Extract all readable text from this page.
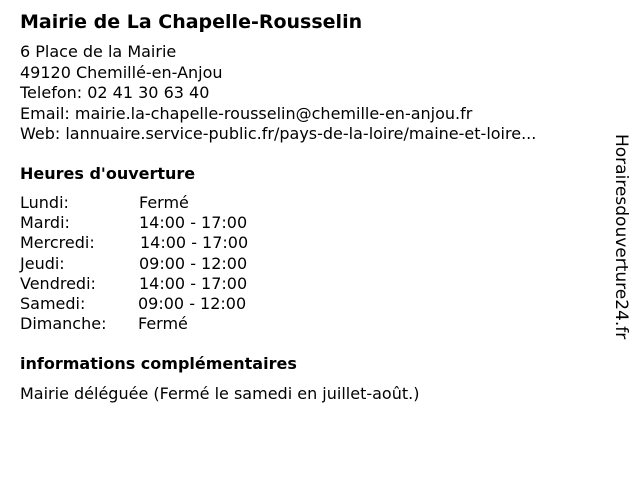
Mairie de La Chapelle-Rousselin
6 Place de la Mairie
49120 Chemillé-en-Anjou
Telefon: 02 41 30 63 40
Email: mairie.la-chapelle-rousselin@chemille-en-anjou.fr
Web: lannuaire.service-public.fr/pays-de-la-loire/maine-et-loire...
Heures d'ouverture
Lundi:	Fermé
Mardi:	14:00 - 17:00
Mercredi:	14:00 - 17:00
Jeudi:	09:00 - 12:00
Vendredi:	14:00 - 17:00
Samedi:	09:00 - 12:00
Dimanche: Fermé
informations complémentaires
Mairie déléguée (Fermé le samedi en juillet-août.)
Horairesdouverture24.fr
